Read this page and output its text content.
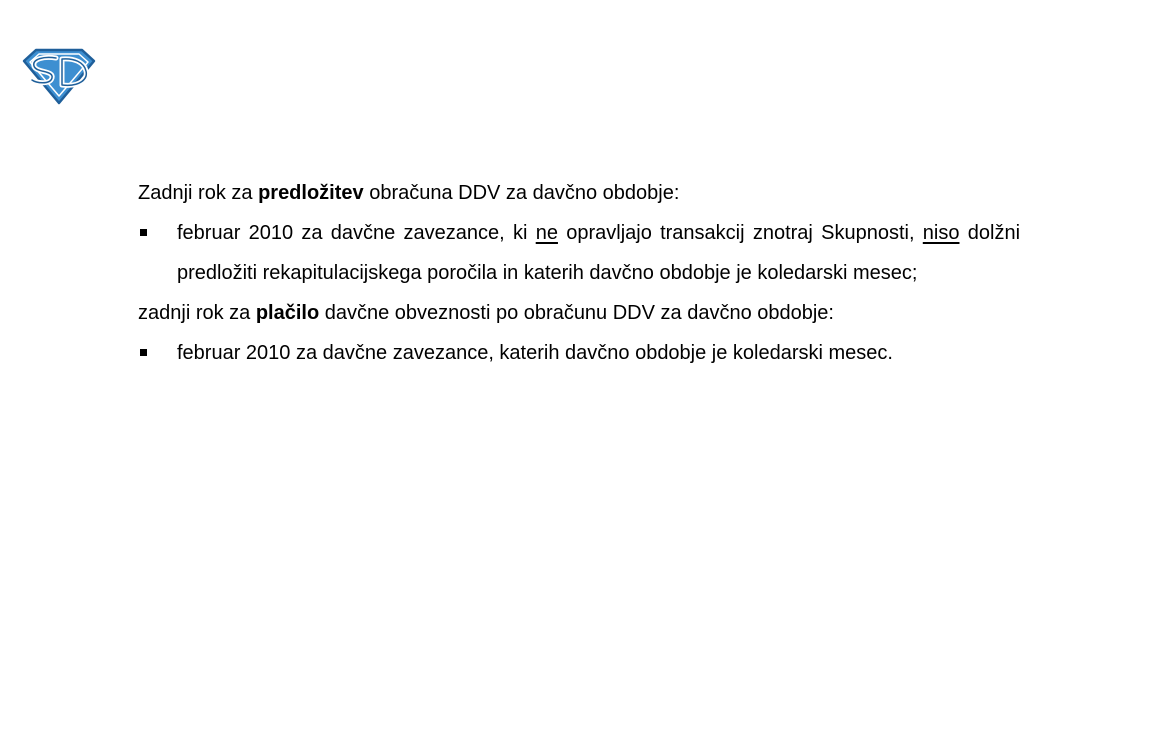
Zadnji rok za predložitev obračuna DDV za davčno obdobje:

februar 2010 za davčne zavezance, ki ne opravljajo transakcij znotraj Skupnosti, niso dolžni predložiti rekapitulacijskega poročila in katerih davčno obdobje je koledarski mesec;

zadnji rok za plačilo davčne obveznosti po obračunu DDV za davčno obdobje:

februar 2010 za davčne zavezance, katerih davčno obdobje je koledarski mesec.
